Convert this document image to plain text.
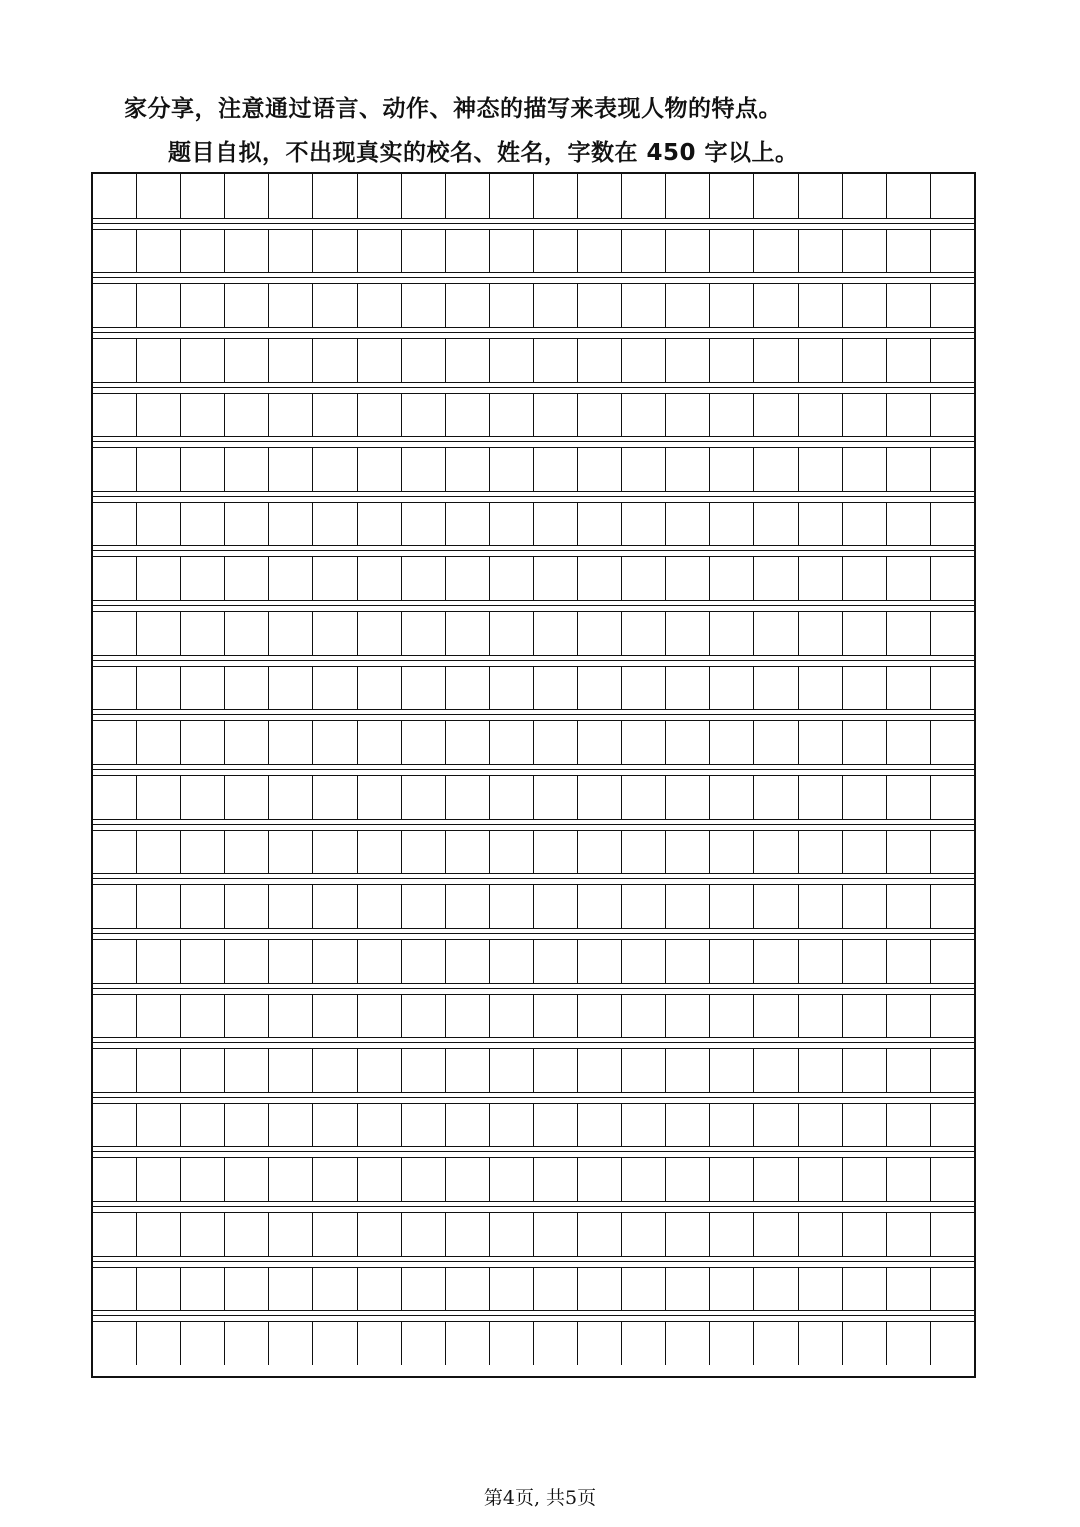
家分享，注意通过语言、动作、神态的描写来表现人物的特点。
题目自拟，不出现真实的校名、姓名，字数在 450 字以上。
第4页, 共5页
